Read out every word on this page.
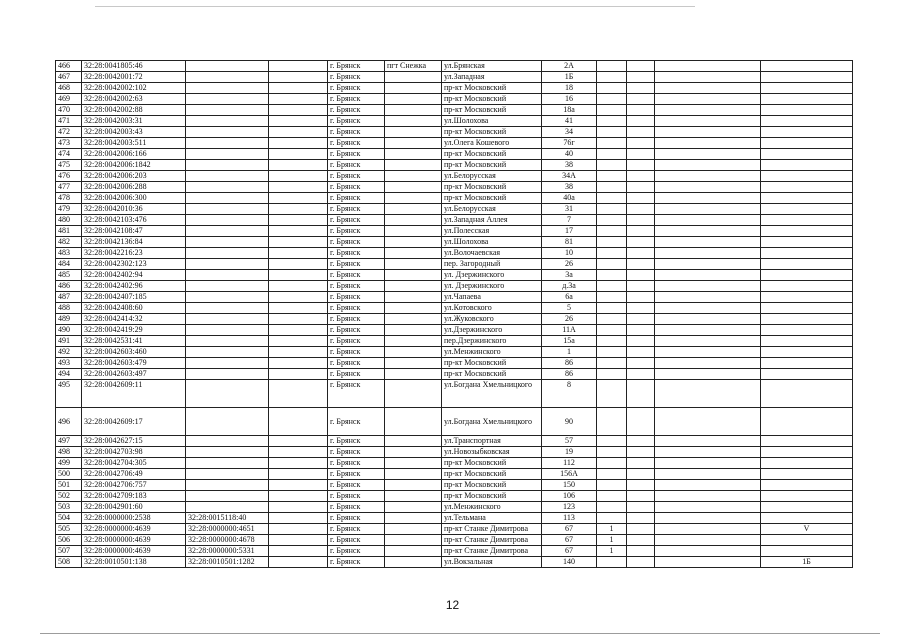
466	32:28:0041805:46			г. Брянск	пгт Снежка	ул.Брянская	2А				
467	32:28:0042001:72			г. Брянск		ул.Западная	1Б				
468	32:28:0042002:102			г. Брянск		пр-кт Московский	18				
469	32:28:0042002:63			г. Брянск		пр-кт Московский	16				
470	32:28:0042002:88			г. Брянск		пр-кт Московский	18а				
471	32:28:0042003:31			г. Брянск		ул.Шолохова	41				
472	32:28:0042003:43			г. Брянск		пр-кт Московский	34				
473	32:28:0042003:511			г. Брянск		ул.Олега Кошевого	76г				
474	32:28:0042006:166			г. Брянск		пр-кт Московский	40				
475	32:28:0042006:1842			г. Брянск		пр-кт Московский	38				
476	32:28:0042006:203			г. Брянск		ул.Белорусская	34А				
477	32:28:0042006:288			г. Брянск		пр-кт Московский	38				
478	32:28:0042006:300			г. Брянск		пр-кт Московский	40а				
479	32:28:0042010:36			г. Брянск		ул.Белорусская	31				
480	32:28:0042103:476			г. Брянск		ул.Западная Аллея	7				
481	32:28:0042108:47			г. Брянск		ул.Полесская	17				
482	32:28:0042136:84			г. Брянск		ул.Шолохова	81				
483	32:28:0042216:23			г. Брянск		ул.Волочаевская	10				
484	32:28:0042302:123			г. Брянск		пер. Загородный	26				
485	32:28:0042402:94			г. Брянск		ул. Дзержинского	3а				
486	32:28:0042402:96			г. Брянск		ул. Дзержинского	д.3а				
487	32:28:0042407:185			г. Брянск		ул.Чапаева	6а				
488	32:28:0042408:60			г. Брянск		ул.Котовского	5				
489	32:28:0042414:32			г. Брянск		ул.Жуковского	26				
490	32:28:0042419:29			г. Брянск		ул.Дзержинского	11А				
491	32:28:0042531:41			г. Брянск		пер.Дзержинского	15а				
492	32:28:0042603:460			г. Брянск		ул.Менжинского	1				
493	32:28:0042603:479			г. Брянск		пр-кт Московский	86				
494	32:28:0042603:497			г. Брянск		пр-кт Московский	86				
495	32:28:0042609:11			г. Брянск		ул.Богдана Хмельницкого	8				
496	32:28:0042609:17			г. Брянск		ул.Богдана Хмельницкого	90				
497	32:28:0042627:15			г. Брянск		ул.Транспортная	57				
498	32:28:0042703:98			г. Брянск		ул.Новозыбковская	19				
499	32:28:0042704:305			г. Брянск		пр-кт Московский	112				
500	32:28:0042706:49			г. Брянск		пр-кт Московский	156А				
501	32:28:0042706:757			г. Брянск		пр-кт Московский	150				
502	32:28:0042709:183			г. Брянск		пр-кт Московский	106				
503	32:28:0042901:60			г. Брянск		ул.Менжинского	123				
504	32:28:0000000:2538	32:28:0015118:40		г. Брянск		ул.Тельмана	113				
505	32:28:0000000:4639	32:28:0000000:4651		г. Брянск		пр-кт Станке Димитрова	67	1			V
506	32:28:0000000:4639	32:28:0000000:4678		г. Брянск		пр-кт Станке Димитрова	67	1			
507	32:28:0000000:4639	32:28:0000000:5331		г. Брянск		пр-кт Станке Димитрова	67	1			
508	32:28:0010501:138	32:28:0010501:1282		г. Брянск		ул.Вокзальная	140				1Б
12
